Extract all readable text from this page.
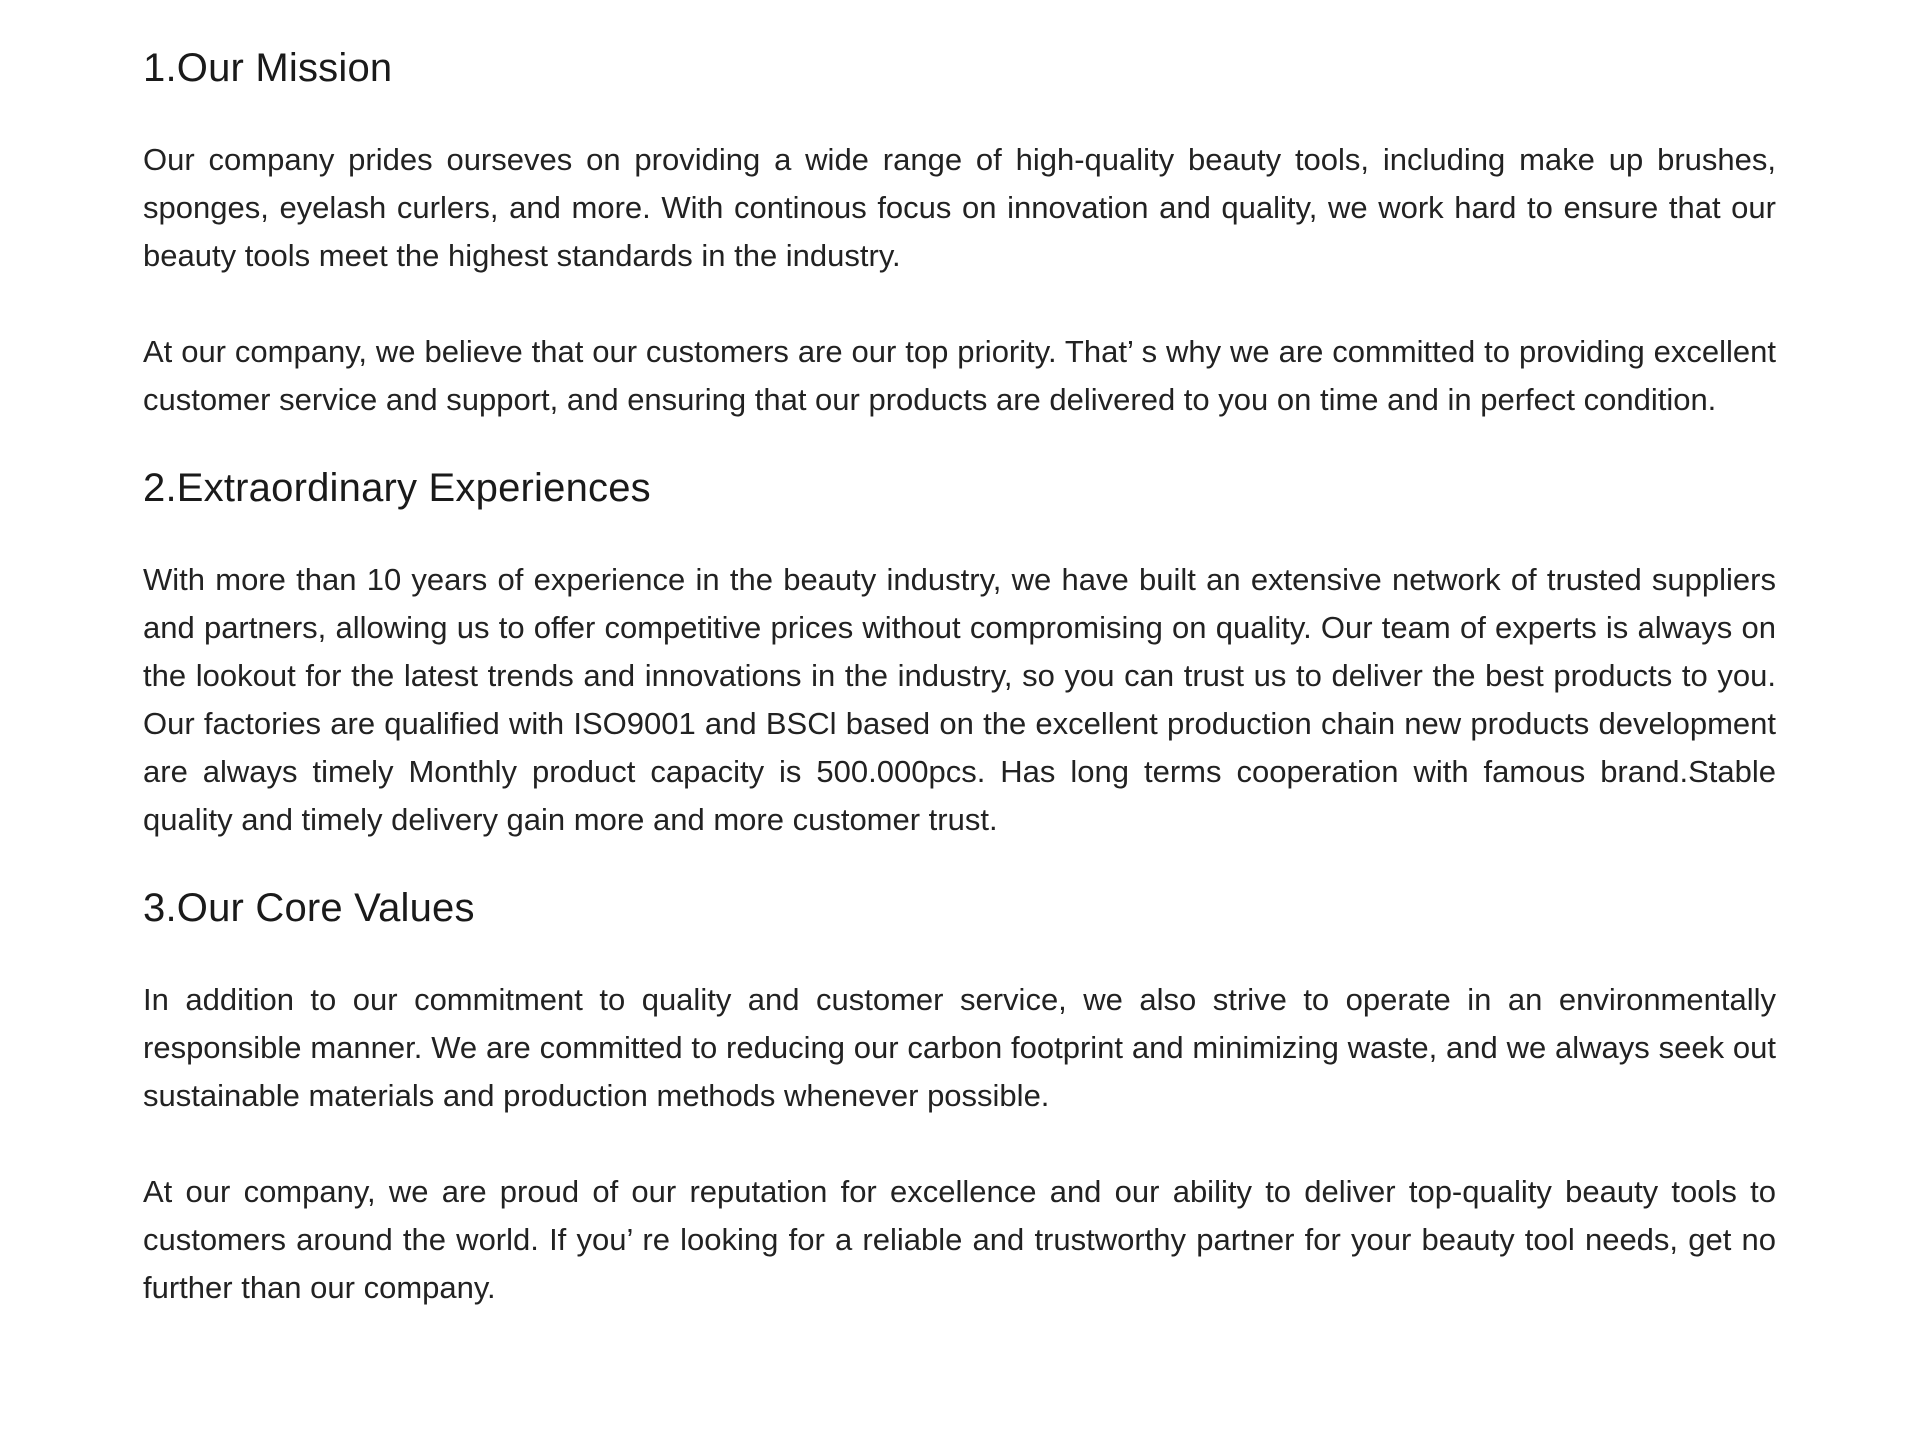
1.Our Mission

Our company prides ourseves on providing a wide range of high-quality beauty tools, including make up brushes, sponges, eyelash curlers, and more. With continous focus on innovation and quality, we work hard to ensure that our beauty tools meet the highest standards in the industry.

At our company, we believe that our customers are our top priority. That’ s why we are committed to providing excellent customer service and support, and ensuring that our products are delivered to you on time and in perfect condition.

2.Extraordinary Experiences

With more than 10 years of experience in the beauty industry, we have built an extensive network of trusted suppliers and partners, allowing us to offer competitive prices without compromising on quality. Our team of experts is always on the lookout for the latest trends and innovations in the industry, so you can trust us to deliver the best products to you. Our factories are qualified with ISO9001 and BSCl based on the excellent production chain new products development are always timely Monthly product capacity is 500.000pcs. Has long terms cooperation with famous brand.Stable quality and timely delivery gain more and more customer trust.

3.Our Core Values

In addition to our commitment to quality and customer service, we also strive to operate in an environmentally responsible manner. We are committed to reducing our carbon footprint and minimizing waste, and we always seek out sustainable materials and production methods whenever possible.

At our company, we are proud of our reputation for excellence and our ability to deliver top-quality beauty tools to customers around the world. If you’ re looking for a reliable and trustworthy partner for your beauty tool needs, get no further than our company.
